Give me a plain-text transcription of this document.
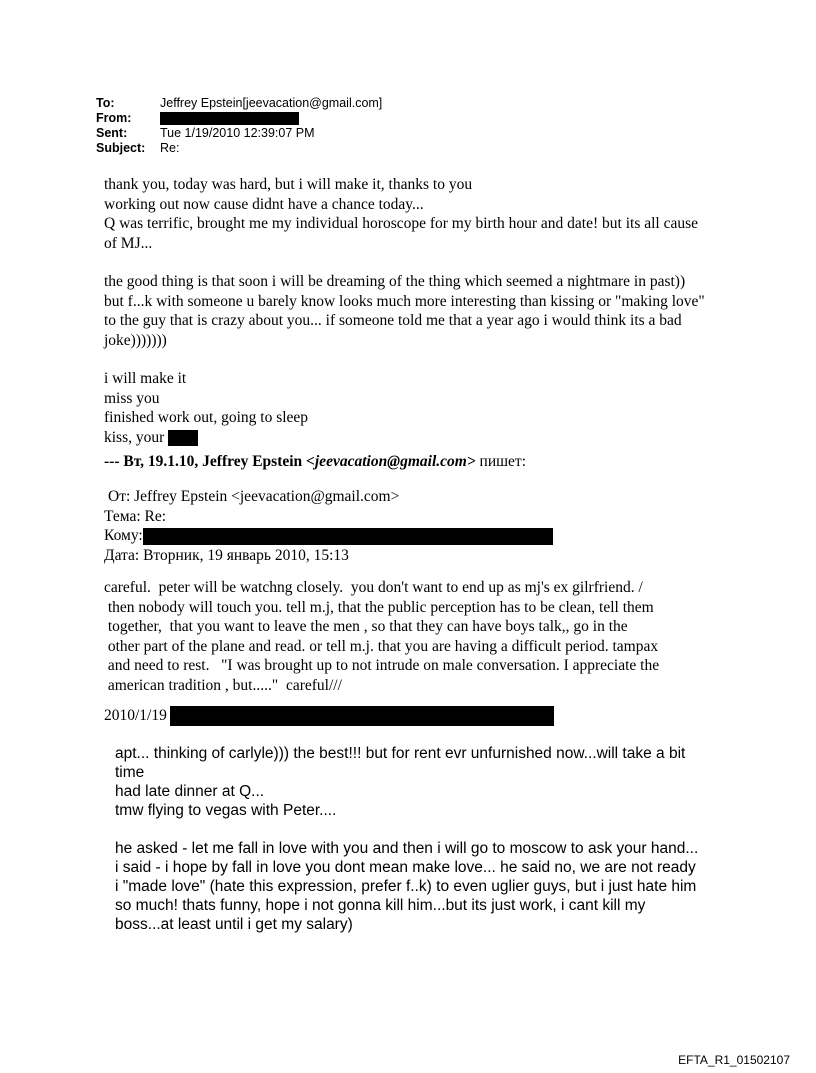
To:	Jeffrey Epstein[jeevacation@gmail.com]
From:
Sent:	Tue 1/19/2010 12:39:07 PM
Subject:	Re:
thank you, today was hard, but i will make it, thanks to you
working out now cause didnt have a chance today...
Q was terrific, brought me my individual horoscope for my birth hour and date! but its all cause
of MJ...
the good thing is that soon i will be dreaming of the thing which seemed a nightmare in past))
but f...k with someone u barely know looks much more interesting than kissing or "making love"
to the guy that is crazy about you... if someone told me that a year ago i would think its a bad
joke)))))))
i will make it
miss you
finished work out, going to sleep
kiss, your
--- Вт, 19.1.10, Jeffrey Epstein <jeevacation@gmail.com> пишет:
От: Jeffrey Epstein <jeevacation@gmail.com>
Тема: Re:
Кому:
Дата: Вторник, 19 январь 2010, 15:13
careful.  peter will be watchng closely.  you don't want to end up as mj's ex gilrfriend. /
then nobody will touch you. tell m.j, that the public perception has to be clean, tell them
together,  that you want to leave the men , so that they can have boys talk,, go in the
other part of the plane and read. or tell m.j. that you are having a difficult period. tampax
and need to rest.   "I was brought up to not intrude on male conversation. I appreciate the
american tradition , but....."  careful///
2010/1/19
apt... thinking of carlyle))) the best!!! but for rent evr unfurnished now...will take a bit
time
had late dinner at Q...
tmw flying to vegas with Peter....
he asked - let me fall in love with you and then i will go to moscow to ask your hand...
i said - i hope by fall in love you dont mean make love... he said no, we are not ready
i "made love" (hate this expression, prefer f..k) to even uglier guys, but i just hate him
so much! thats funny, hope i not gonna kill him...but its just work, i cant kill my
boss...at least until i get my salary)
EFTA_R1_01502107
